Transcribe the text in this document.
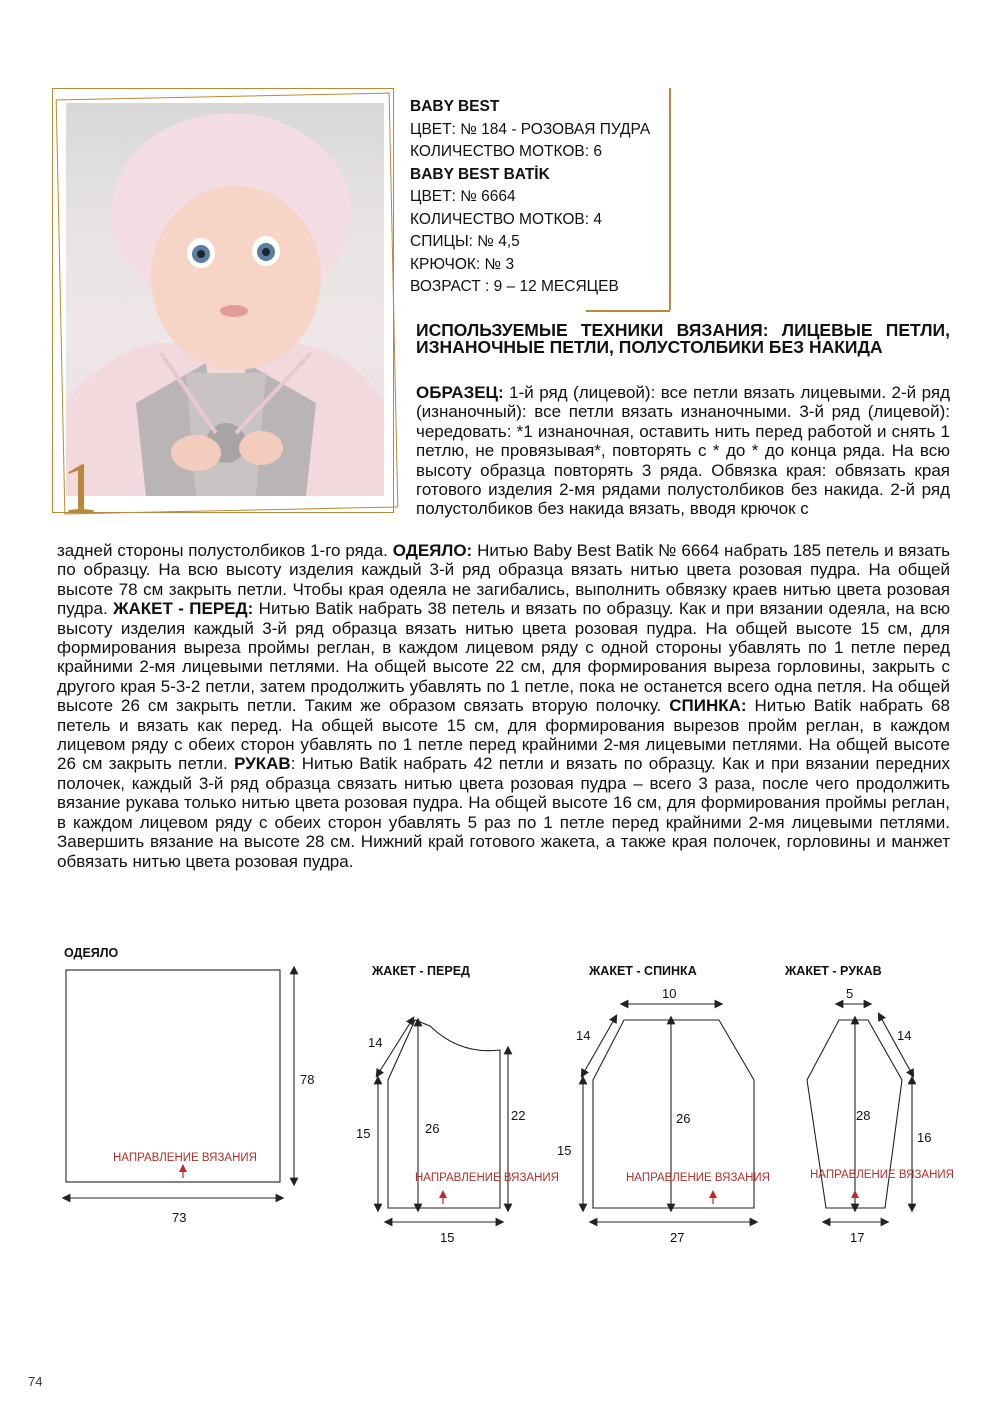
1
BABY BEST
ЦВЕТ: № 184 - РОЗОВАЯ ПУДРА
КОЛИЧЕСТВО МОТКОВ: 6
BABY BEST BATİK
ЦВЕТ: № 6664
КОЛИЧЕСТВО МОТКОВ: 4
СПИЦЫ: № 4,5
КРЮЧОК: № 3
ВОЗРАСТ : 9 – 12 МЕСЯЦЕВ
ИСПОЛЬЗУЕМЫЕ ТЕХНИКИ ВЯЗАНИЯ: ЛИЦЕВЫЕ ПЕТЛИ, ИЗНАНОЧНЫЕ ПЕТЛИ, ПОЛУСТОЛБИКИ БЕЗ НАКИДА
ОБРАЗЕЦ: 1-й ряд (лицевой): все петли вязать лицевыми. 2-й ряд (изнаночный): все петли вязать изнаночными. 3-й ряд (лицевой): чередовать: *1 изнаночная, оставить нить перед работой и снять 1 петлю, не провязывая*, повторять с * до * до конца ряда. На всю высоту образца повторять 3 ряда. Обвязка края: обвязать края готового изделия 2-мя рядами полустолбиков без накида. 2-й ряд полустолбиков без накида вязать, вводя крючок с
задней стороны полустолбиков 1-го ряда. ОДЕЯЛО: Нитью Baby Best Batik № 6664 набрать 185 петель и вязать по образцу. На всю высоту изделия каждый 3-й ряд образца вязать нитью цвета розовая пудра. На общей высоте 78 см закрыть петли. Чтобы края одеяла не загибались, выполнить обвязку краев нитью цвета розовая пудра. ЖАКЕТ - ПЕРЕД: Нитью Batik набрать 38 петель и вязать по образцу. Как и при вязании одеяла, на всю высоту изделия каждый 3-й ряд образца вязать нитью цвета розовая пудра. На общей высоте 15 см, для формирования выреза проймы реглан, в каждом лицевом ряду с одной стороны убавлять по 1 петле перед крайними 2-мя лицевыми петлями. На общей высоте 22 см, для формирования выреза горловины, закрыть с другого края 5-3-2 петли, затем продолжить убавлять по 1 петле, пока не останется всего одна петля. На общей высоте 26 см закрыть петли. Таким же образом связать вторую полочку. СПИНКА: Нитью Batik набрать 68 петель и вязать как перед. На общей высоте 15 см, для формирования вырезов пройм реглан, в каждом лицевом ряду с обеих сторон убавлять по 1 петле перед крайними 2-мя лицевыми петлями. На общей высоте 26 см закрыть петли. РУКАВ: Нитью Batik набрать 42 петли и вязать по образцу. Как и при вязании передних полочек, каждый 3-й ряд образца связать нитью цвета розовая пудра – всего 3 раза, после чего продолжить вязание рукава только нитью цвета розовая пудра. На общей высоте 16 см, для формирования проймы реглан, в каждом лицевом ряду с обеих сторон убавлять 5 раз по 1 петле перед крайними 2-мя лицевыми петлями. Завершить вязание на высоте 28 см. Нижний край готового жакета, а также края полочек, горловины и манжет обвязать нитью цвета розовая пудра.
ОДЕЯЛО
ЖАКЕТ - ПЕРЕД	ЖАКЕТ - СПИНКА	ЖАКЕТ - РУКАВ
73
78
НАПРАВЛЕНИЕ ВЯЗАНИЯ
14
15	26
22
15
НАПРАВЛЕНИЕ ВЯЗАНИЯ
10
14
26
15
27
НАПРАВЛЕНИЕ ВЯЗАНИЯ
5
14
28
16
17
НАПРАВЛЕНИЕ ВЯЗАНИЯ
74
